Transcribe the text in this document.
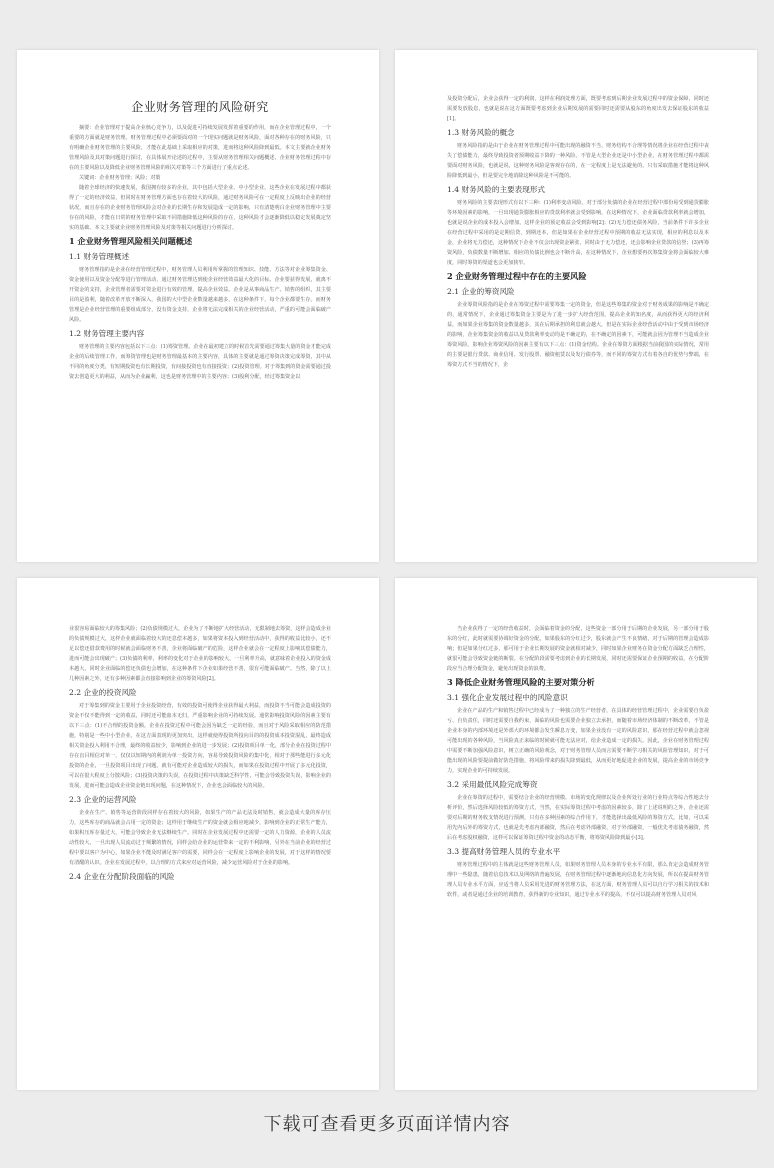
企业财务管理的风险研究

摘要：企业管理对于提高企业核心竞争力，以及促进可持续发展发挥着重要的作用，而在企业管理过程中，一个重要的方面就是财务管理。财务管理过程中必须要面对的一个现实问题就是财务风险，面对各种存在的财务风险，只有明确企业财务管理的主要风险，才能在此基础上采取相应的对策，进而将这种风险降到最低。本文主要就企业财务管理风险及其对策问题进行探讨，在具体展开论述的过程中，主要从财务管理相关问题概述、企业财务管理过程中存在的主要风险以及降低企业财务管理风险的相关对策等三个方面进行了重点论述。

关键词：企业财务管理；风险；对策

随着全球经济的快速发展，我国拥有较多的企业，其中包括大型企业、中小型企业，这些企业在发展过程中都获得了一定的经济效益，但同时在财务管理方面也存在着较大的风险，通过财务风险可在一定程度上反映出企业的经营状况，而且存在的企业财务管理风险会对企业的长期生存和发展造成一定的影响，只有清楚明白企业财务管理中主要存在的风险，才能在日常的财务管理中采取不同措施降低这种风险的存在，这种风险才会逐渐降低以稳定发展奠定坚实的基础。本文主要就企业财务管理风险及对策等相关问题进行分析探讨。

1 企业财务管理风险相关问题概述

1.1 财务管理概述

财务管理指的是企业在经营管理过程中，财务管理人员利用所掌握的管理知识、技能、方法等对企业筹集资金、资金使用以及资金分配等进行管理活动，通过财务管理达到使企业经营效益最大化的目标。企业要获得发展，就离不开资金的支持，企业管理者需要对资金进行有效的管理，提高企业效益。企业是从事商品生产、销售的组织，其主要目的是盈利，随着改革开放不断深入，我国的大中型企业数量越来越多，在这种条件下，每个企业都要生存。而财务管理是企业经营管理的重要组成部分，没有资金支持，企业将无法完成相关的企业经营活动，严重的可能会面临破产风险。

1.2 财务管理主要内容

财务管理的主要内容包括以下三点：(1)筹资管理。企业在最初建立的时候首先需要通过筹集大量的资金才能完成企业的后续管理工作，而筹资管理也是财务管理最基本的主要内容，具体的主要就是通过筹资决策完成筹资，其中从不同的角度分类，有短期投资也有长期投资，有间接投资也有直接投资；(2)投资管理。对于筹集到的资金需要通过投资去创造更大的利益，从而为企业赢利，这也是财务管理中的主要内容；(3)股利分配，经过筹集资金以

及投资分配后，企业会获得一定的利润，这样在利润处理方面，既要考虑到后期企业发展过程中的资金保障，同时还需要发放股息，也就是说在这方面既要考虑到企业后期发展的需要同时还需要从股东的角度出发去保证股东的收益[1]。

1.3 财务风险的概念

财务风险指的是由于企业在财务管理过程中可能出现的融资不当、财务结构不合理等情况将企业在经营过程中丧失了偿债能力，最终导致投资者预期收益下降的一种风险。不管是大型企业还是中小型企业，在财务管理过程中都需要面对财务风险，也就是说，这种财务风险是客观存在的，在一定程度上是无法避免的，只有采取措施才能将这种风险降低到最小，但是要完全地消除这种风险是不可能的。

1.4 财务风险的主要表现形式

财务风险的主要表现形式有以下三种：(1)利率变动风险。对于部分负债的企业在经营过程中部份易受到通货膨胀等环境因素的影响，一旦出现通货膨胀相应的贷款利率就会受到影响，在这种情况下，企业面临贷款利率就会增加，也就是说企业的成本投入会增加，这样企业的预定收益会受到影响[2]；(2)无力偿还债务风险，当前条件下许多企业在经营过程中采用的是定期信贷，到期还本，但是如果在企业经营过程中预期的收益无法实现，相应的利息以及本金，企业将无力偿还，这种情况下企业不仅会出现资金紧张，同时由于无力偿还，还会影响企业贷款的信誉；(3)再筹资风险，负债数量不断增加、相应的负债比例也会不断升高，在这种情况下，企业想要再次筹集资金将会面临较大难度，同时筹资的渠道也会更加狭窄。

2 企业财务管理过程中存在的主要风险

2.1 企业的筹资风险

企业筹资风险指的是企业在筹资过程中需要筹集一定的资金，但是这些筹集的资金对于财务成果的影响是不确定的，通常情况下，企业通过筹集资金主要是为了进一步扩大经营范围，提高企业的知名度，从而获得更大的经济利益，而如果企业筹集的资金数量越多，其在后期承担的利息就会越大，但是在实际企业经营活动中由于受到市场经济的影响，企业筹集资金的收益以及贷款利率变动均是不确定的，在不确定的因素下，可能就会因为管理不当造成企业筹资风险。影响企业筹资风险的因素主要有以下三点：(1)资金结构。企业在筹资方面根据当前我国的实际情况，常用的主要是银行贷款、商业信用、发行股票、融资租赁以及发行债券等，而不同的筹资方式有着各自的优势与弊端，在筹资方式不当的情况下，企

业很容易面临较大的筹集风险；(2)负债规模过大，企业为了不断地扩大经营活动，无限制地去筹资，这样会造成企业的负债规模过大，这样企业就面临着较大的还息偿本越多，如果将资本投入到经营活动中，获得的收益比较小，还不足以偿还借款费用的时候就会面临财务不善，企业将面临破产的危险，这样企业就会在一定程度上影响其偿债能力，进而可能会出现破产；(3)负债的利率，利率的变化对于企业的影响较大，一旦利率升高，就意味着企业投入的资金成本越大，同时企业面临的偿还负债也会增加，在这种条件下企业如果经营不善，很有可能面临破产。当然，除了以上几种因素之外，还有多种因素都会直接影响到企业的筹资风险[2]。

2.2 企业的投资风险

对于筹集到的资金主要用于企业投资经营，有效的投资可使得企业获得最大利益，而投资不当可能会造成投资的资金不仅不能得到一定的收益，同时还可能血本无归，严重影响企业的可持续发展。通常影响投资风险的因素主要有以下三点：(1)不合理的投资金额。企业在投资过程中可能会因为缺乏一定的经验，而且对于风险采取相应的防范措施，特别是一些中小型企业，在这方面表现的更加突出，这样就使得投资所投向目的的投资成本投资混乱，最终造成相关资金投入利用不合理，最终的收益较少，影响到企业的进一步发展；(2)投资项目单一化，部分企业在投资过程中存在盲目相信对单一，仅仅以短期内的利润为单一投资方向，容易导致投资风险的集中化，相对于那些能进行多元化投资的企业，一旦投资项目出现了问题，就有可能对企业造成较大的损失，而如果在投资过程中开展了多元化投资，可以在很大程度上分散风险；(3)投资决策的失误，在投资过程中决策缺乏科学性，可能会导致投资失误，影响企业的发展，进而可能会造成企业资金链出现问题，在这种情况下，企业也会面临较大的风险。

2.3 企业的运营风险

企业在生产、销售等运营阶段同样存在着较大的风险，如果生产的产品无法及时销售，就会造成大量的库存压力，这些库存的商品就会占用一定的资金；这样用于继续生产的资金就会相应地减少，影响到企业的正常生产能力，如果积压库存量过大，可能会导致企业无法继续生产。同时在企业发展过程中还需要一定的人力资源，企业的人员流动性较大，一旦出现人员流动过于频繁的情况，同样会给企业的运营带来一定的不利影响，另外在当前企业的经营过程中要以客户为中心，如果企业不能及时满足客户的需要，同样会在一定程度上影响企业的发展，对于这样的情况要有清醒的认识。企业在发展过程中，以合理的方式来应对运营风险，减少运营风险对于企业的影响。

2.4 企业在分配阶段面临的风险

当企业获得了一定的经营收益时，会面临着资金的分配，这些资金一部分用于后期的企业发展，另一部分用于股东的分红，此时就需要协调好资金的分配，如果股东的分红过少，股东就会产生不良情绪，对于后期的管理会造成影响；但是如果分红过多，那可用于企业长期发展的资金就相对减少，同时如果企业财务在资金分配方面缺乏合理性，就很可能会导致资金链的断裂。在分配阶段需要考虑到企业的长期发展，同时还需要保证企业预期的收益，在分配阶段应当合理分配资金，避免出现资金的浪费。

3 降低企业财务管理风险的主要对策分析

3.1 强化企业发展过程中的风险意识

企业在产品的生产和销售过程中已经成为了一种独立的生产经营者，在具体的经营管理过程中，企业需要自负盈亏、自负责任，同时还需要自我约束，面临的风险也需要企业独立去承担，而随着市场经济体制的不断改革，不管是企业本身的内部环境还是外部大的环境都会发生瞬息万变，如果企业没有一定的风险意识，那在经营过程中就会忽视可能出现的各种风险，当风险真正来临的时候就可能无法应对，给企业造成一定的损失。因此，企业在财务管理过程中需要不断加强风险意识，树立正确的风险观念，对于财务管理人员而言需要不断学习相关的风险管理知识，对于可能出现的风险要提前做好防范措施，将风险带来的损失降到最低，从而更好地促进企业的发展，提高企业的市场竞争力，实现企业的可持续发展。

3.2 采用最低风险完成筹资

企业在筹资的过程中，需要结合企业的经营规模、市场的变化规律以及企业所处行业的行业特点等综合性地去分析评价，然后选择风险较低的筹资方式，当然，在实际筹资过程中考虑的因素较多，除了上述说明的之外，企业还需要对后期的财务收支情况进行预测，只有在多种因素的综合作用下，才能选择出最低风险的筹资方式。比如，可以采用先内后外的筹资方式，也就是先考虑内部融资，然后在考虑外部融资，对于外部融资，一般优先考虑债务融资，然后在考虑股权融资，这样可以保证筹资过程中资金的动态平衡，将筹资风险降到最小[3]。

3.3 提高财务管理人员的专业水平

财务管理过程中的主体就是这些财务管理人员，如果财务管理人员本身的专业水平有限，那么肯定会造成财务管理中一些隐患，随着信息技术以及网络的普遍发展，在财务管理过程中逐渐地向信息化方向发展，所以在提高财务管理人员专业水平方面，应适当将人员采用先进的财务管理方法，在这方面，财务管理人员可以自行学习相关的技术和软件，或者是通过企业的培训教育，获得新的专业知识，通过专业水平的提高，不仅可以提高财务管理人员对风

下载可查看更多页面详情内容
